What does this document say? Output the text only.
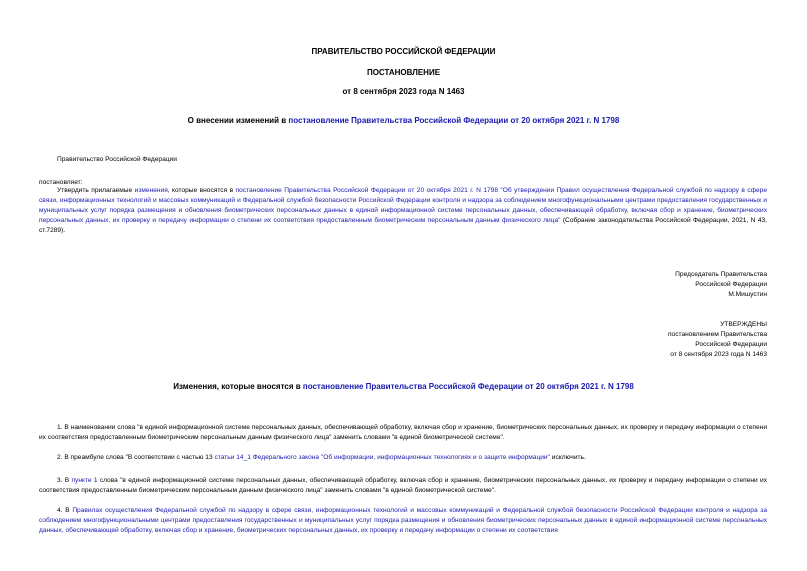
ПРАВИТЕЛЬСТВО РОССИЙСКОЙ ФЕДЕРАЦИИ
ПОСТАНОВЛЕНИЕ
от 8 сентября 2023 года N 1463
О внесении изменений в постановление Правительства Российской Федерации от 20 октября 2021 г. N 1798
Правительство Российской Федерации
постановляет:
Утвердить прилагаемые изменения, которые вносятся в постановление Правительства Российской Федерации от 20 октября 2021 г. N 1798 "Об утверждении Правил осуществления Федеральной службой по надзору в сфере связи, информационных технологий и массовых коммуникаций и Федеральной службой безопасности Российской Федерации контроля и надзора за соблюдением многофункциональными центрами предоставления государственных и муниципальных услуг порядка размещения и обновления биометрических персональных данных в единой информационной системе персональных данных, обеспечивающей обработку, включая сбор и хранение, биометрических персональных данных, их проверку и передачу информации о степени их соответствия предоставленным биометрическим персональным данным физического лица" (Собрание законодательства Российской Федерации, 2021, N 43, ст.7289).
Председатель Правительства
Российской Федерации
М.Мишустин
УТВЕРЖДЕНЫ
постановлением Правительства
Российской Федерации
от 8 сентября 2023 года N 1463
Изменения, которые вносятся в постановление Правительства Российской Федерации от 20 октября 2021 г. N 1798
1. В наименовании слова "в единой информационной системе персональных данных, обеспечивающей обработку, включая сбор и хранение, биометрических персональных данных, их проверку и передачу информации о степени их соответствия предоставленным биометрическим персональным данным физического лица" заменить словами "в единой биометрической системе".
2. В преамбуле слова "В соответствии с частью 13 статьи 14_1 Федерального закона "Об информации, информационных технологиях и о защите информации" исключить.
3. В пункте 1 слова "в единой информационной системе персональных данных, обеспечивающей обработку, включая сбор и хранение, биометрических персональных данных, их проверку и передачу информации о степени их соответствия предоставленным биометрическим персональным данным физического лица" заменить словами "в единой биометрической системе".
4. В Правилах осуществления Федеральной службой по надзору в сфере связи, информационных технологий и массовых коммуникаций и Федеральной службой безопасности Российской Федерации контроля и надзора за соблюдением многофункциональными центрами предоставления государственных и муниципальных услуг порядка размещения и обновления биометрических персональных данных в единой информационной системе персональных данных, обеспечивающей обработку, включая сбор и хранение, биометрических персональных данных, их проверку и передачу информации о степени их соответствия
